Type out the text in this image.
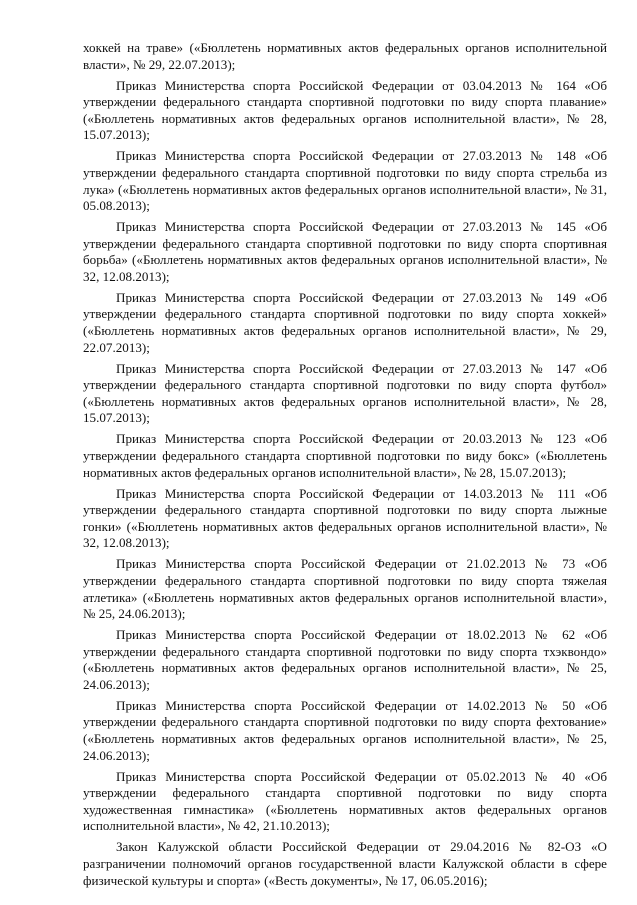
хоккей на траве» («Бюллетень нормативных актов федеральных органов исполнительной власти», № 29, 22.07.2013);

Приказ Министерства спорта Российской Федерации от 03.04.2013 № 164 «Об утверждении федерального стандарта спортивной подготовки по виду спорта плавание» («Бюллетень нормативных актов федеральных органов исполнительной власти», № 28, 15.07.2013);

Приказ Министерства спорта Российской Федерации от 27.03.2013 № 148 «Об утверждении федерального стандарта спортивной подготовки по виду спорта стрельба из лука» («Бюллетень нормативных актов федеральных органов исполнительной власти», № 31, 05.08.2013);

Приказ Министерства спорта Российской Федерации от 27.03.2013 № 145 «Об утверждении федерального стандарта спортивной подготовки по виду спорта спортивная борьба» («Бюллетень нормативных актов федеральных органов исполнительной власти», № 32, 12.08.2013);

Приказ Министерства спорта Российской Федерации от 27.03.2013 № 149 «Об утверждении федерального стандарта спортивной подготовки по виду спорта хоккей» («Бюллетень нормативных актов федеральных органов исполнительной власти», № 29, 22.07.2013);

Приказ Министерства спорта Российской Федерации от 27.03.2013 № 147 «Об утверждении федерального стандарта спортивной подготовки по виду спорта футбол» («Бюллетень нормативных актов федеральных органов исполнительной власти», № 28, 15.07.2013);

Приказ Министерства спорта Российской Федерации от 20.03.2013 № 123 «Об утверждении федерального стандарта спортивной подготовки по виду бокс» («Бюллетень нормативных актов федеральных органов исполнительной власти», № 28, 15.07.2013);

Приказ Министерства спорта Российской Федерации от 14.03.2013 № 111 «Об утверждении федерального стандарта спортивной подготовки по виду спорта лыжные гонки» («Бюллетень нормативных актов федеральных органов исполнительной власти», № 32, 12.08.2013);

Приказ Министерства спорта Российской Федерации от 21.02.2013 № 73 «Об утверждении федерального стандарта спортивной подготовки по виду спорта тяжелая атлетика» («Бюллетень нормативных актов федеральных органов исполнительной власти», № 25, 24.06.2013);

Приказ Министерства спорта Российской Федерации от 18.02.2013 № 62 «Об утверждении федерального стандарта спортивной подготовки по виду спорта тхэквондо» («Бюллетень нормативных актов федеральных органов исполнительной власти», № 25, 24.06.2013);

Приказ Министерства спорта Российской Федерации от 14.02.2013 № 50 «Об утверждении федерального стандарта спортивной подготовки по виду спорта фехтование» («Бюллетень нормативных актов федеральных органов исполнительной власти», № 25, 24.06.2013);

Приказ Министерства спорта Российской Федерации от 05.02.2013 № 40 «Об утверждении федерального стандарта спортивной подготовки по виду спорта художественная гимнастика» («Бюллетень нормативных актов федеральных органов исполнительной власти», № 42, 21.10.2013);

Закон Калужской области Российской Федерации от 29.04.2016 № 82-ОЗ «О разграничении полномочий органов государственной власти Калужской области в сфере физической культуры и спорта» («Весть документы», № 17, 06.05.2016);
